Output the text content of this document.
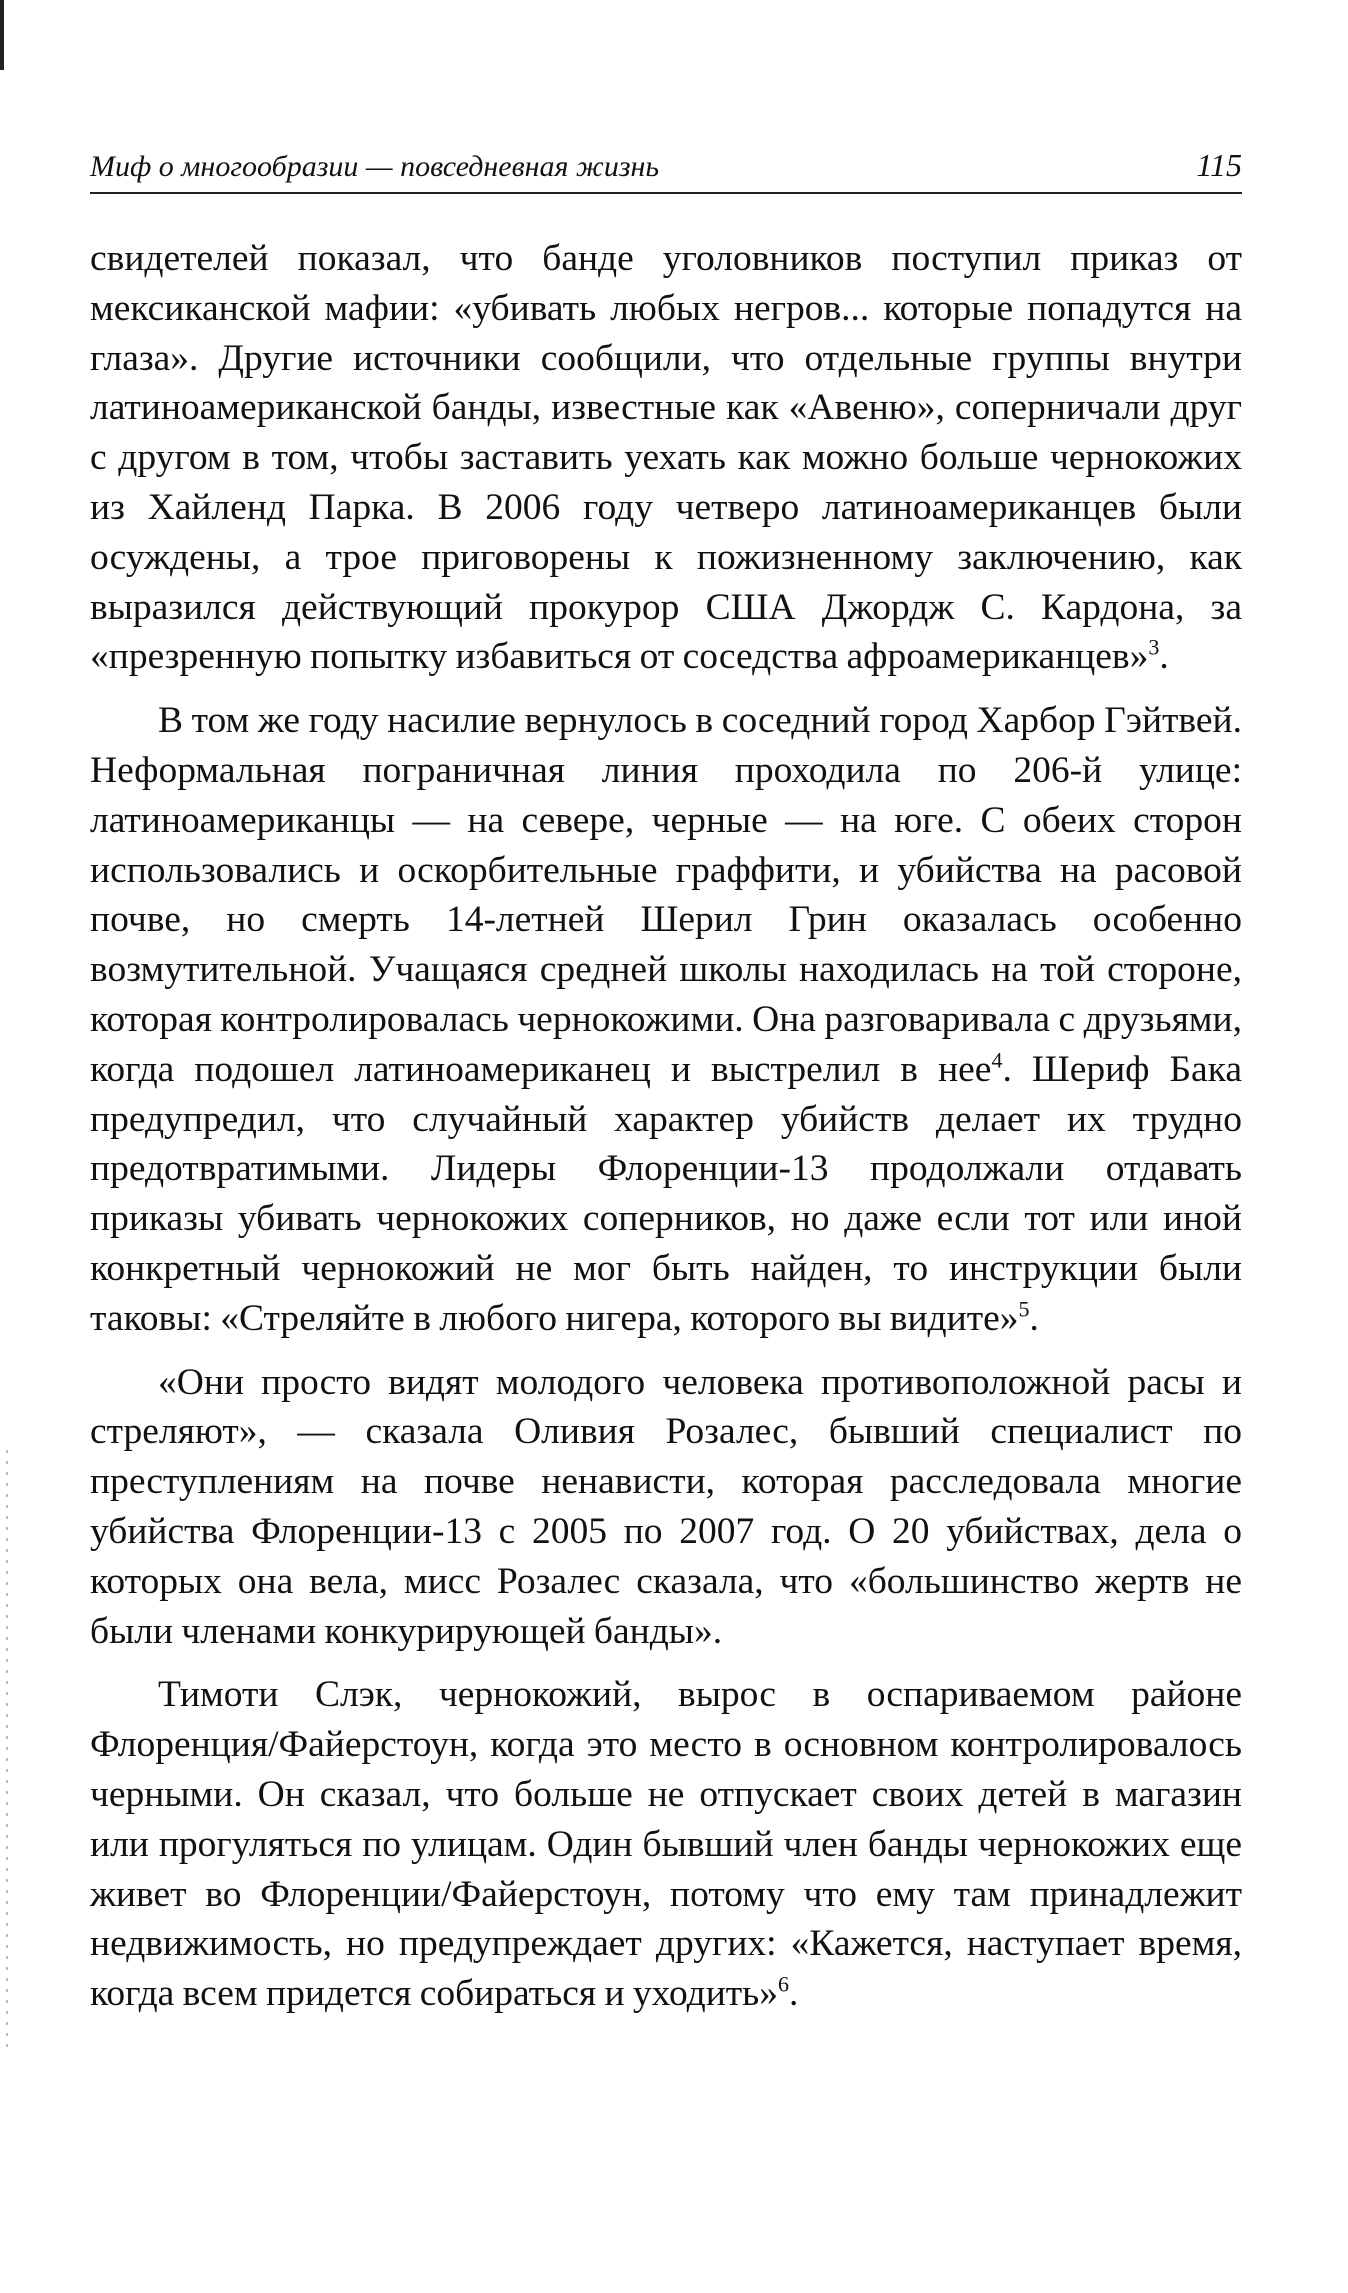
Миф о многообразии — повседневная жизнь	115

свидетелей показал, что банде уголовников поступил приказ от мексиканской мафии: «убивать любых негров... которые попадутся на глаза». Другие источники сообщили, что отдельные группы внутри латиноамериканской банды, известные как «Авеню», соперничали друг с другом в том, чтобы заставить уехать как можно больше чернокожих из Хайленд Парка. В 2006 году четверо латиноамериканцев были осуждены, а трое приговорены к пожизненному заключению, как выразился действующий прокурор США Джордж С. Кардона, за «презренную попытку избавиться от соседства афроамериканцев»$^3$.

В том же году насилие вернулось в соседний город Харбор Гэйтвей. Неформальная пограничная линия проходила по 206-й улице: латиноамериканцы — на севере, черные — на юге. С обеих сторон использовались и оскорбительные граффити, и убийства на расовой почве, но смерть 14-летней Шерил Грин оказалась особенно возмутительной. Учащаяся средней школы находилась на той стороне, которая контролировалась чернокожими. Она разговаривала с друзьями, когда подошел латиноамериканец и выстрелил в нее$^4$. Шериф Бака предупредил, что случайный характер убийств делает их трудно предотвратимыми. Лидеры Флоренции-13 продолжали отдавать приказы убивать чернокожих соперников, но даже если тот или иной конкретный чернокожий не мог быть найден, то инструкции были таковы: «Стреляйте в любого нигера, которого вы видите»$^5$.

«Они просто видят молодого человека противоположной расы и стреляют», — сказала Оливия Розалес, бывший специалист по преступлениям на почве ненависти, которая расследовала многие убийства Флоренции-13 с 2005 по 2007 год. О 20 убийствах, дела о которых она вела, мисс Розалес сказала, что «большинство жертв не были членами конкурирующей банды».

Тимоти Слэк, чернокожий, вырос в оспариваемом районе Флоренция/Файерстоун, когда это место в основном контролировалось черными. Он сказал, что больше не отпускает своих детей в магазин или прогуляться по улицам. Один бывший член банды чернокожих еще живет во Флоренции/Файерстоун, потому что ему там принадлежит недвижимость, но предупреждает других: «Кажется, наступает время, когда всем придется собираться и уходить»$^6$.
